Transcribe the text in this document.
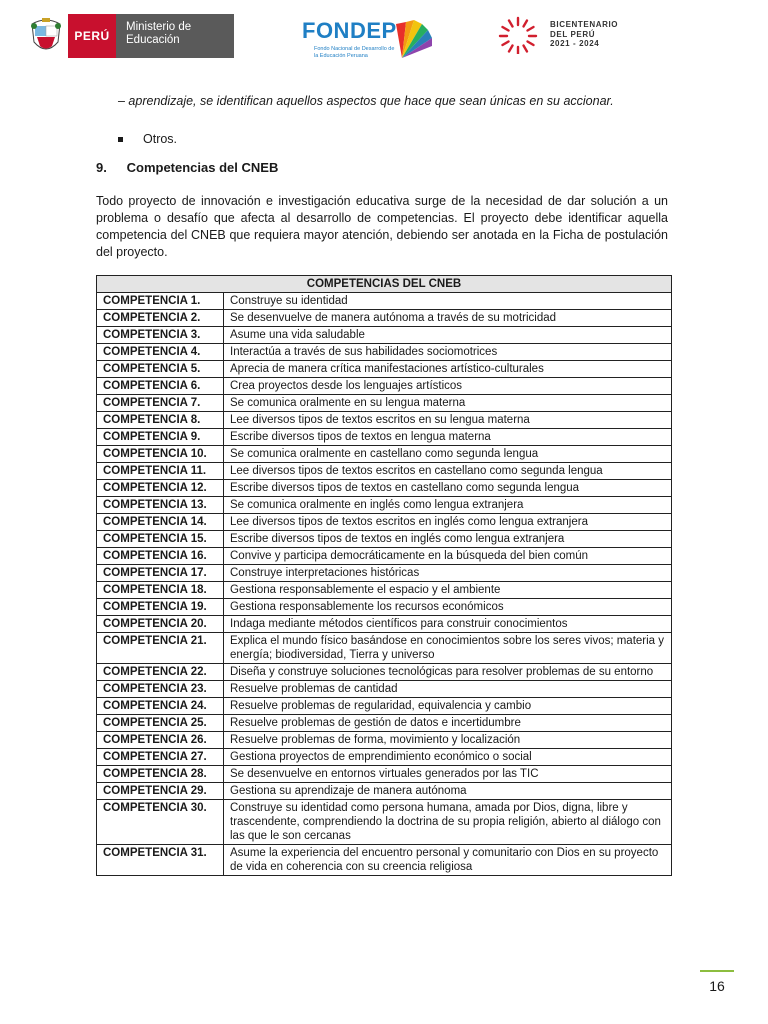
PERÚ
Ministerio de Educación	FONDEP
Fondo Nacional de Desarrollo de la Educación Peruana
BICENTENARIO
DEL PERÚ
2021 - 2024
– aprendizaje, se identifican aquellos aspectos que hace que sean únicas en su accionar.
Otros.
9. Competencias del CNEB
Todo proyecto de innovación e investigación educativa surge de la necesidad de dar solución a un problema o desafío que afecta al desarrollo de competencias. El proyecto debe identificar aquella competencia del CNEB que requiera mayor atención, debiendo ser anotada en la Ficha de postulación del proyecto.
COMPETENCIAS DEL CNEB	
COMPETENCIA 1.	Construye su identidad
COMPETENCIA 2.	Se desenvuelve de manera autónoma a través de su motricidad
COMPETENCIA 3.	Asume una vida saludable
COMPETENCIA 4.	Interactúa a través de sus habilidades sociomotrices
COMPETENCIA 5.	Aprecia de manera crítica manifestaciones artístico-culturales
COMPETENCIA 6.	Crea proyectos desde los lenguajes artísticos
COMPETENCIA 7.	Se comunica oralmente en su lengua materna
COMPETENCIA 8.	Lee diversos tipos de textos escritos en su lengua materna
COMPETENCIA 9.	Escribe diversos tipos de textos en lengua materna
COMPETENCIA 10.	Se comunica oralmente en castellano como segunda lengua
COMPETENCIA 11.	Lee diversos tipos de textos escritos en castellano como segunda lengua
COMPETENCIA 12.	Escribe diversos tipos de textos en castellano como segunda lengua
COMPETENCIA 13.	Se comunica oralmente en inglés como lengua extranjera
COMPETENCIA 14.	Lee diversos tipos de textos escritos en inglés como lengua extranjera
COMPETENCIA 15.	Escribe diversos tipos de textos en inglés como lengua extranjera
COMPETENCIA 16.	Convive y participa democráticamente en la búsqueda del bien común
COMPETENCIA 17.	Construye interpretaciones históricas
COMPETENCIA 18.	Gestiona responsablemente el espacio y el ambiente
COMPETENCIA 19.	Gestiona responsablemente los recursos económicos
COMPETENCIA 20.	Indaga mediante métodos científicos para construir conocimientos
COMPETENCIA 21.	Explica el mundo físico basándose en conocimientos sobre los seres vivos; materia y energía; biodiversidad, Tierra y universo
COMPETENCIA 22.	Diseña y construye soluciones tecnológicas para resolver problemas de su entorno
COMPETENCIA 23.	Resuelve problemas de cantidad
COMPETENCIA 24.	Resuelve problemas de regularidad, equivalencia y cambio
COMPETENCIA 25.	Resuelve problemas de gestión de datos e incertidumbre
COMPETENCIA 26.	Resuelve problemas de forma, movimiento y localización
COMPETENCIA 27.	Gestiona proyectos de emprendimiento económico o social
COMPETENCIA 28.	Se desenvuelve en entornos virtuales generados por las TIC
COMPETENCIA 29.	Gestiona su aprendizaje de manera autónoma
COMPETENCIA 30.	Construye su identidad como persona humana, amada por Dios, digna, libre y trascendente, comprendiendo la doctrina de su propia religión, abierto al diálogo con las que le son cercanas
COMPETENCIA 31.	Asume la experiencia del encuentro personal y comunitario con Dios en su proyecto de vida en coherencia con su creencia religiosa
16
